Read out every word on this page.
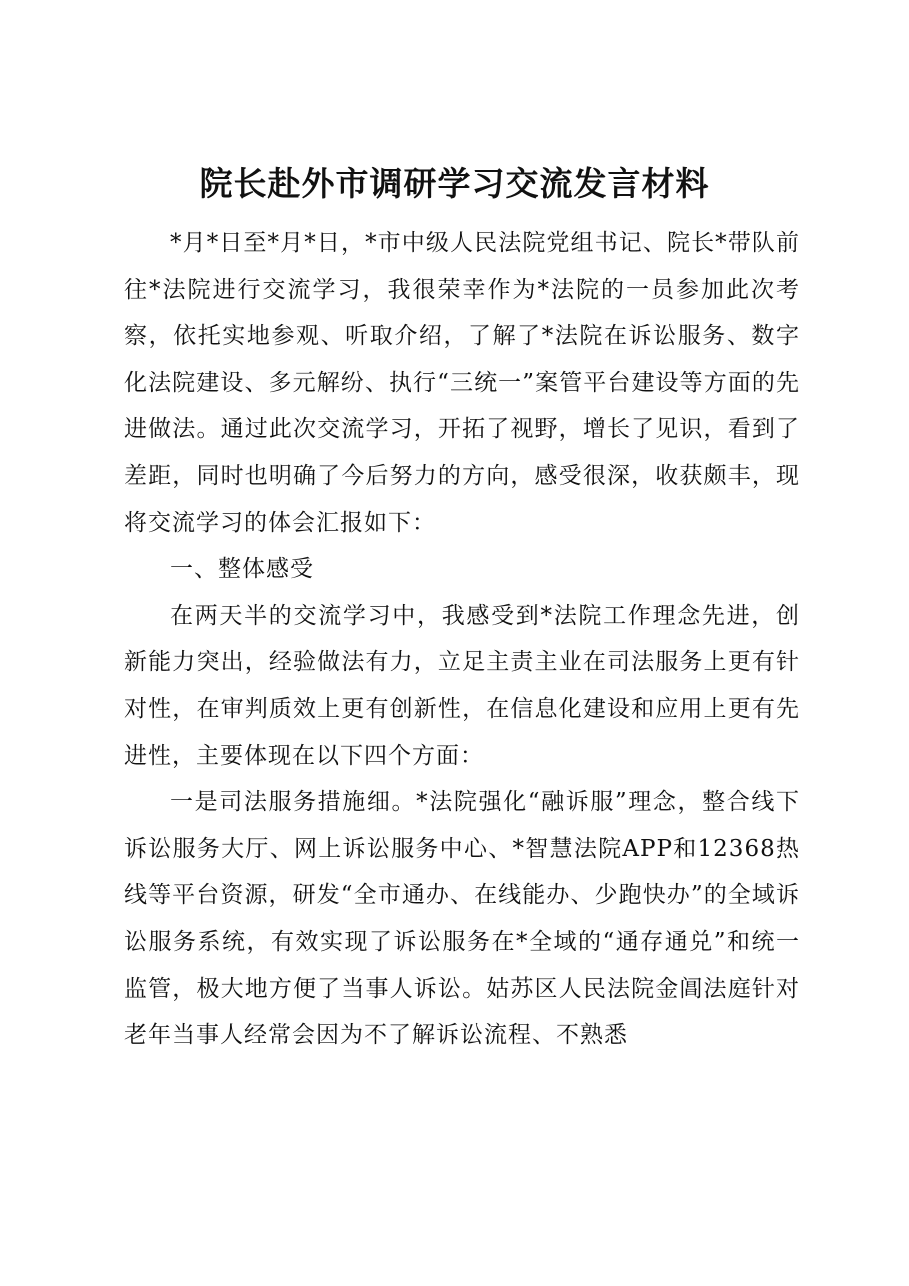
院长赴外市调研学习交流发言材料

*月*日至*月*日，*市中级人民法院党组书记、院长*带队前往*法院进行交流学习，我很荣幸作为*法院的一员参加此次考察，依托实地参观、听取介绍，了解了*法院在诉讼服务、数字化法院建设、多元解纷、执行“三统一”案管平台建设等方面的先进做法。通过此次交流学习，开拓了视野，增长了见识，看到了差距，同时也明确了今后努力的方向，感受很深，收获颇丰，现将交流学习的体会汇报如下：

一、整体感受

在两天半的交流学习中，我感受到*法院工作理念先进，创新能力突出，经验做法有力，立足主责主业在司法服务上更有针对性，在审判质效上更有创新性，在信息化建设和应用上更有先进性，主要体现在以下四个方面：

一是司法服务措施细。*法院强化“融诉服”理念，整合线下诉讼服务大厅、网上诉讼服务中心、*智慧法院APP和12368热线等平台资源，研发“全市通办、在线能办、少跑快办”的全域诉讼服务系统，有效实现了诉讼服务在*全域的“通存通兑”和统一监管，极大地方便了当事人诉讼。姑苏区人民法院金阊法庭针对老年当事人经常会因为不了解诉讼流程、不熟悉
